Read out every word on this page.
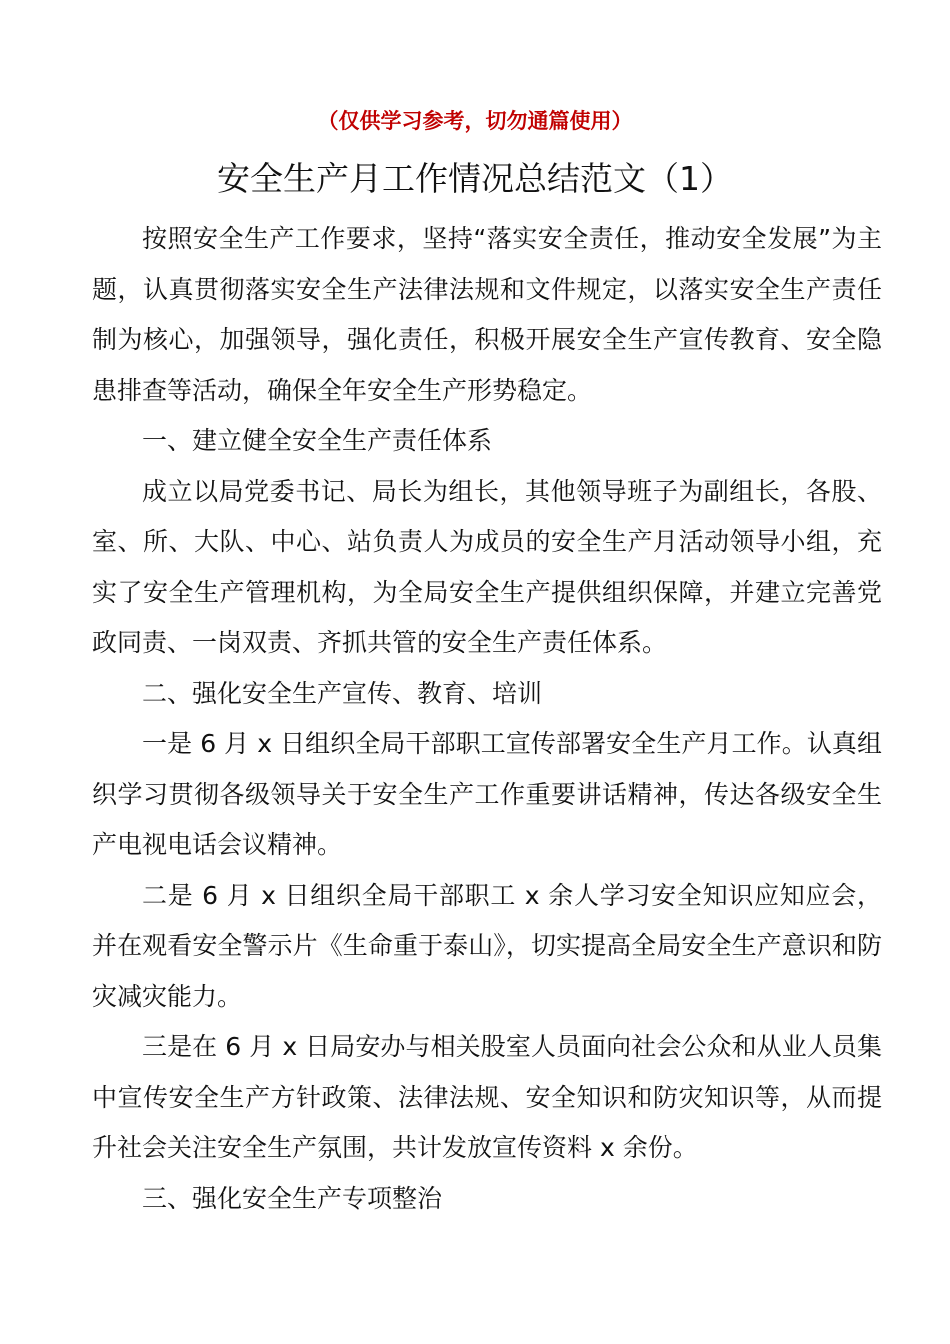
（仅供学习参考，切勿通篇使用）
安全生产月工作情况总结范文（1）

按照安全生产工作要求，坚持“落实安全责任，推动安全发展”为主题，认真贯彻落实安全生产法律法规和文件规定，以落实安全生产责任制为核心，加强领导，强化责任，积极开展安全生产宣传教育、安全隐患排查等活动，确保全年安全生产形势稳定。

一、建立健全安全生产责任体系

成立以局党委书记、局长为组长，其他领导班子为副组长，各股、室、所、大队、中心、站负责人为成员的安全生产月活动领导小组，充实了安全生产管理机构，为全局安全生产提供组织保障，并建立完善党政同责、一岗双责、齐抓共管的安全生产责任体系。

二、强化安全生产宣传、教育、培训

一是 6 月 x 日组织全局干部职工宣传部署安全生产月工作。认真组织学习贯彻各级领导关于安全生产工作重要讲话精神，传达各级安全生产电视电话会议精神。

二是 6 月 x 日组织全局干部职工 x 余人学习安全知识应知应会，并在观看安全警示片《生命重于泰山》，切实提高全局安全生产意识和防灾减灾能力。

三是在 6 月 x 日局安办与相关股室人员面向社会公众和从业人员集中宣传安全生产方针政策、法律法规、安全知识和防灾知识等，从而提升社会关注安全生产氛围，共计发放宣传资料 x 余份。

三、强化安全生产专项整治
